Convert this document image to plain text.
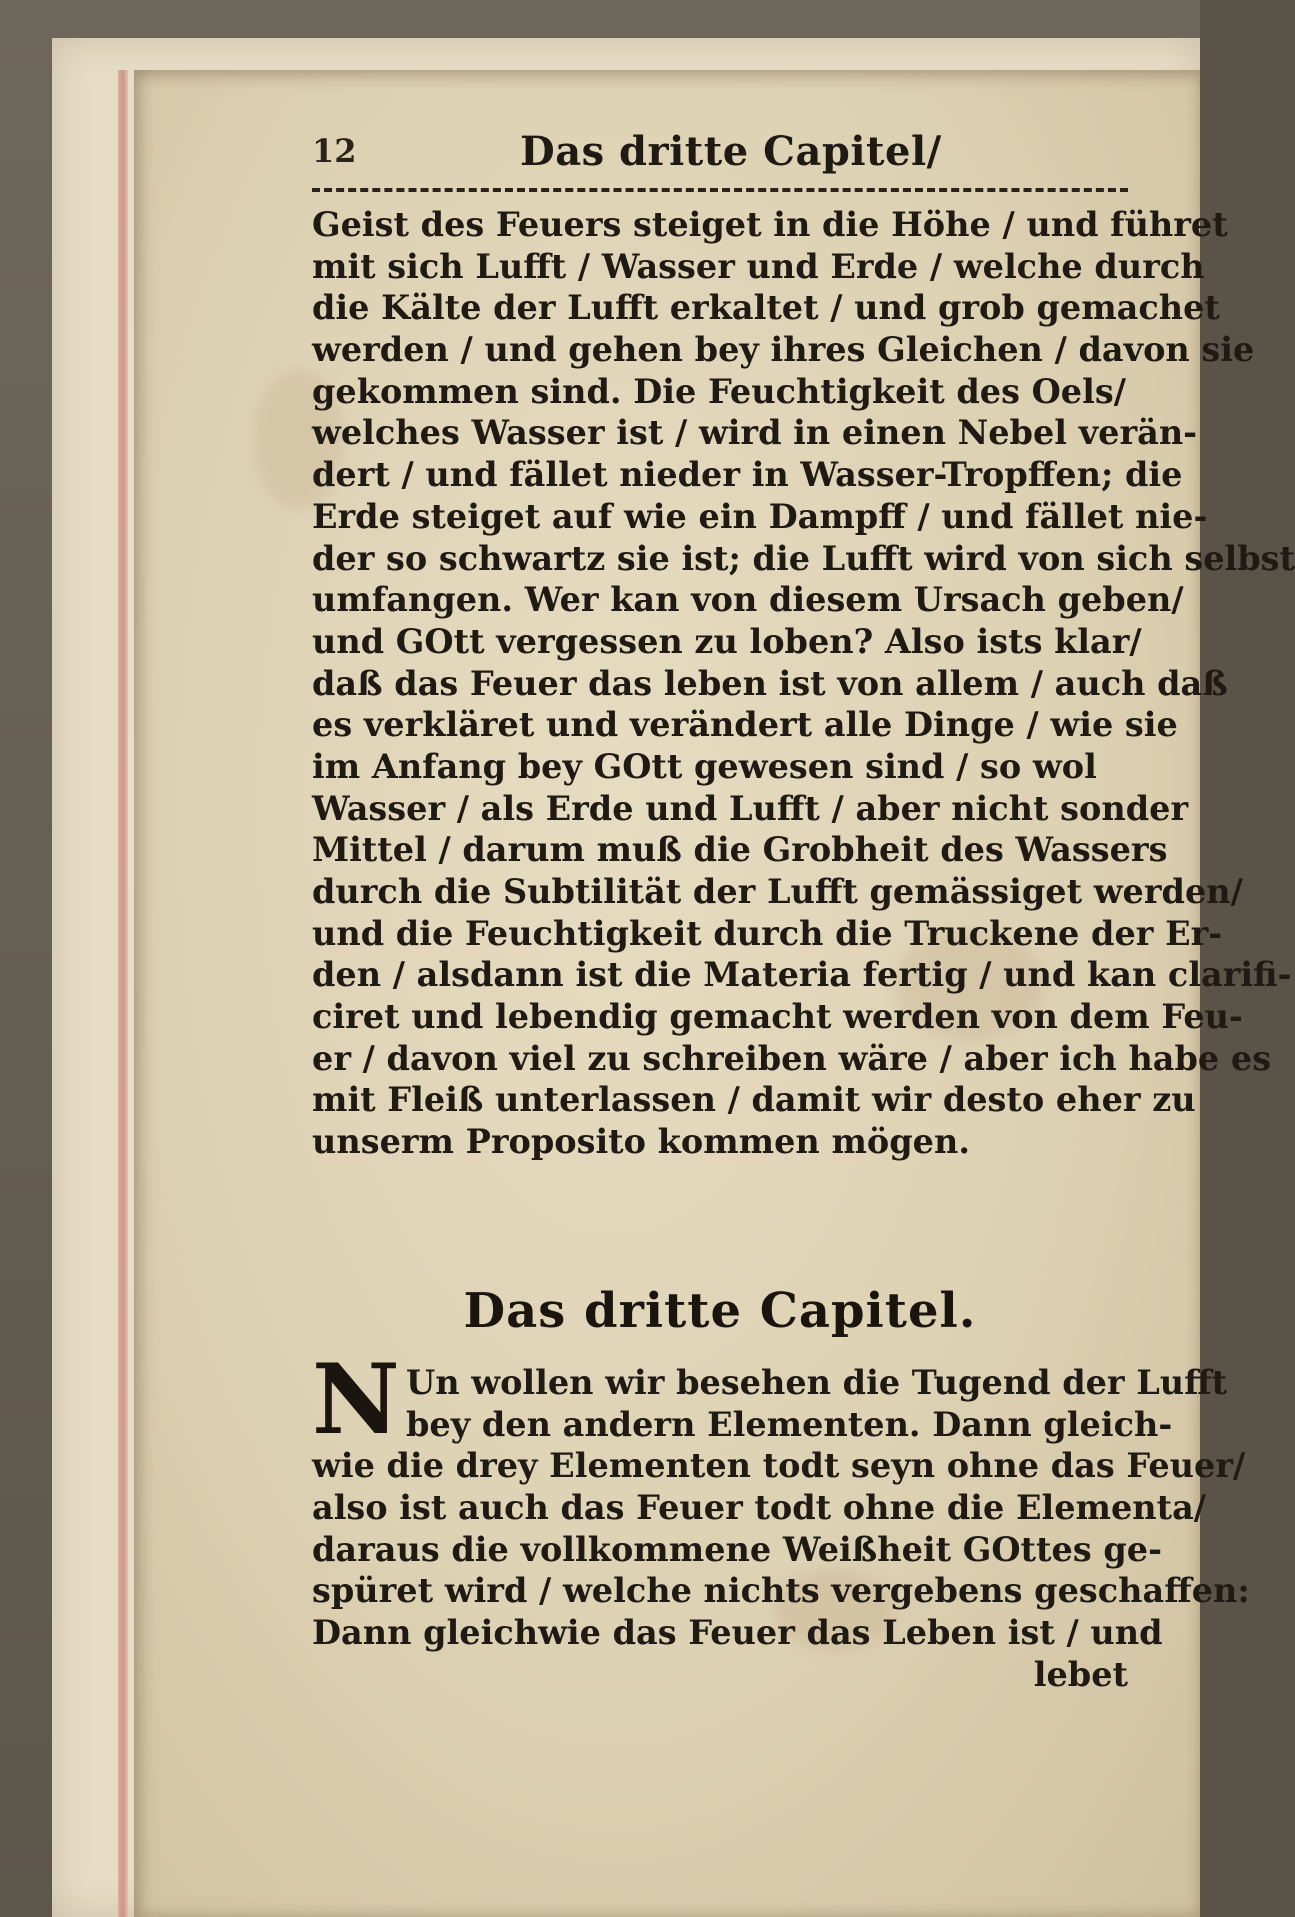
12	Das dritte Capitel/
Geist des Feuers steiget in die Höhe / und führet
mit sich Lufft / Wasser und Erde / welche durch
die Kälte der Lufft erkaltet / und grob gemachet
werden / und gehen bey ihres Gleichen / davon sie
gekommen sind. Die Feuchtigkeit des Oels/
welches Wasser ist / wird in einen Nebel verän-
dert / und fället nieder in Wasser-Tropffen; die
Erde steiget auf wie ein Dampff / und fället nie-
der so schwartz sie ist; die Lufft wird von sich selbst
umfangen. Wer kan von diesem Ursach geben/
und GOtt vergessen zu loben? Also ists klar/
daß das Feuer das leben ist von allem / auch daß
es verkläret und verändert alle Dinge / wie sie
im Anfang bey GOtt gewesen sind / so wol
Wasser / als Erde und Lufft / aber nicht sonder
Mittel / darum muß die Grobheit des Wassers
durch die Subtilität der Lufft gemässiget werden/
und die Feuchtigkeit durch die Truckene der Er-
den / alsdann ist die Materia fertig / und kan clarifi-
ciret und lebendig gemacht werden von dem Feu-
er / davon viel zu schreiben wäre / aber ich habe es
mit Fleiß unterlassen / damit wir desto eher zu
unserm Proposito kommen mögen.
Das dritte Capitel.
N Un wollen wir besehen die Tugend der Lufft
bey den andern Elementen. Dann gleich-
wie die drey Elementen todt seyn ohne das Feuer/
also ist auch das Feuer todt ohne die Elementa/
daraus die vollkommene Weißheit GOttes ge-
spüret wird / welche nichts vergebens geschaffen:
Dann gleichwie das Feuer das Leben ist / und
lebet
